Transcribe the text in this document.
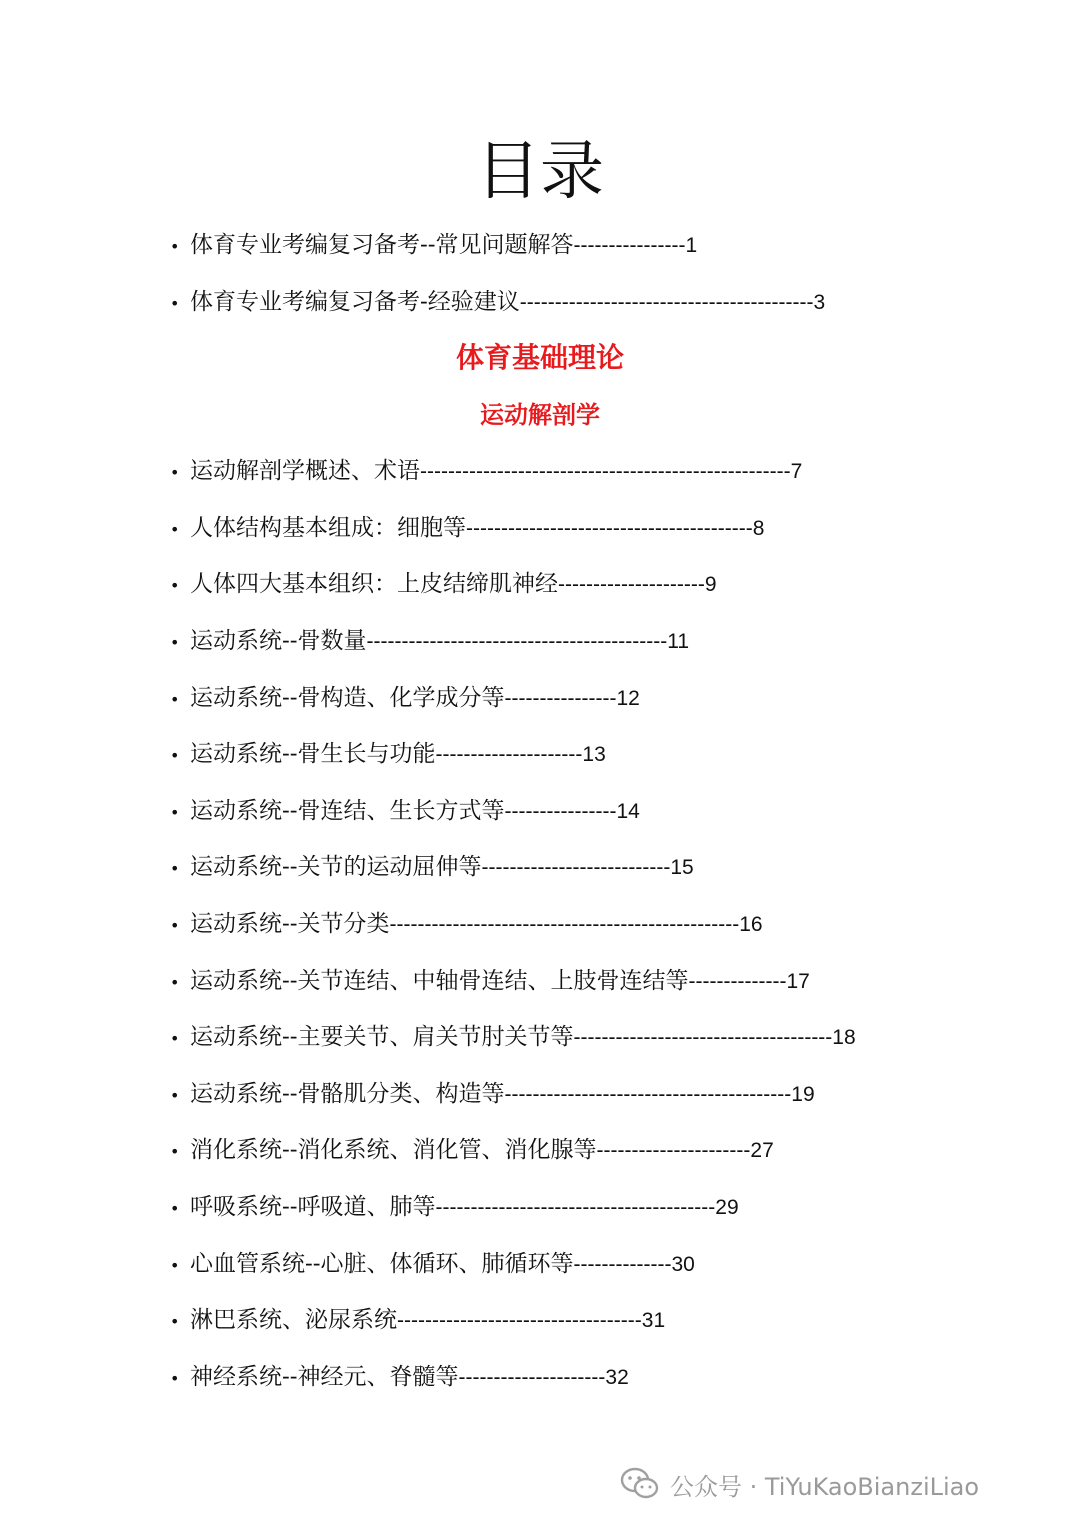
目录
• 体育专业考编复习备考--常见问题解答----------------1
• 体育专业考编复习备考-经验建议------------------------------------------3
体育基础理论
运动解剖学
• 运动解剖学概述、术语-----------------------------------------------------7
• 人体结构基本组成：细胞等-----------------------------------------8
• 人体四大基本组织：上皮结缔肌神经---------------------9
• 运动系统--骨数量-------------------------------------------11
• 运动系统--骨构造、化学成分等----------------12
• 运动系统--骨生长与功能---------------------13
• 运动系统--骨连结、生长方式等----------------14
• 运动系统--关节的运动屈伸等---------------------------15
• 运动系统--关节分类--------------------------------------------------16
• 运动系统--关节连结、中轴骨连结、上肢骨连结等--------------17
• 运动系统--主要关节、肩关节肘关节等-------------------------------------18
• 运动系统--骨骼肌分类、构造等-----------------------------------------19
• 消化系统--消化系统、消化管、消化腺等----------------------27
• 呼吸系统--呼吸道、肺等----------------------------------------29
• 心血管系统--心脏、体循环、肺循环等--------------30
• 淋巴系统、泌尿系统-----------------------------------31
• 神经系统--神经元、脊髓等---------------------32
公众号 · TiYuKaoBianziLiao
